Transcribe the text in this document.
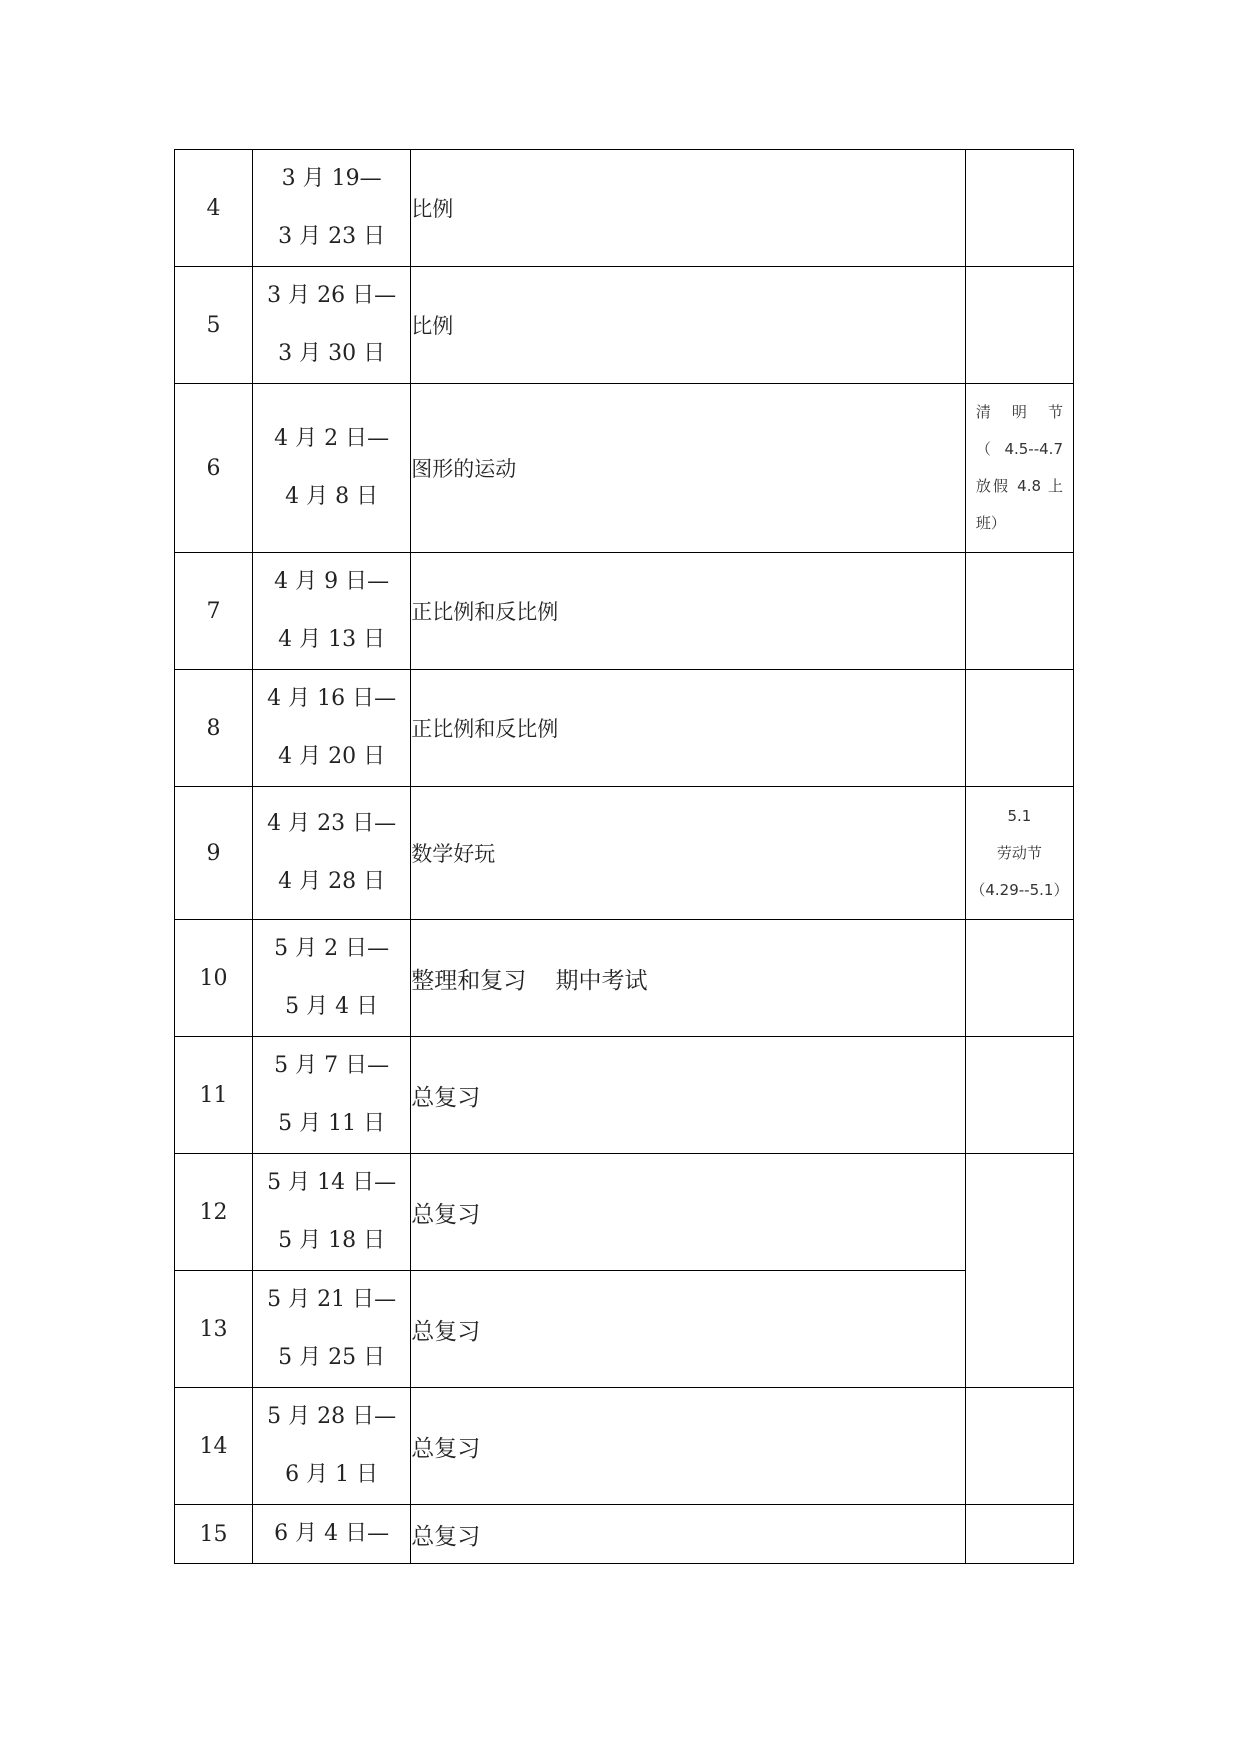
4	3 月 19—
3 月 23 日	比例	
5	3 月 26 日—
3 月 30 日	比例	
6	4 月 2 日—
4 月 8 日	图形的运动	清　明　节
（ 4.5--4.7
放假 4.8 上
班）

7	4 月 9 日—
4 月 13 日	正比例和反比例	
8	4 月 16 日—
4 月 20 日	正比例和反比例	
9	4 月 23 日—
4 月 28 日	数学好玩	5.1
劳动节
（4.29--5.1）

10	5 月 2 日—
5 月 4 日	整理和复习 期中考试	
11	5 月 7 日—
5 月 11 日	总复习	
12	5 月 14 日—
5 月 18 日	总复习	
13	5 月 21 日—
5 月 25 日	总复习	
14	5 月 28 日—
6 月 1 日	总复习	
15	6 月 4 日—	总复习	
